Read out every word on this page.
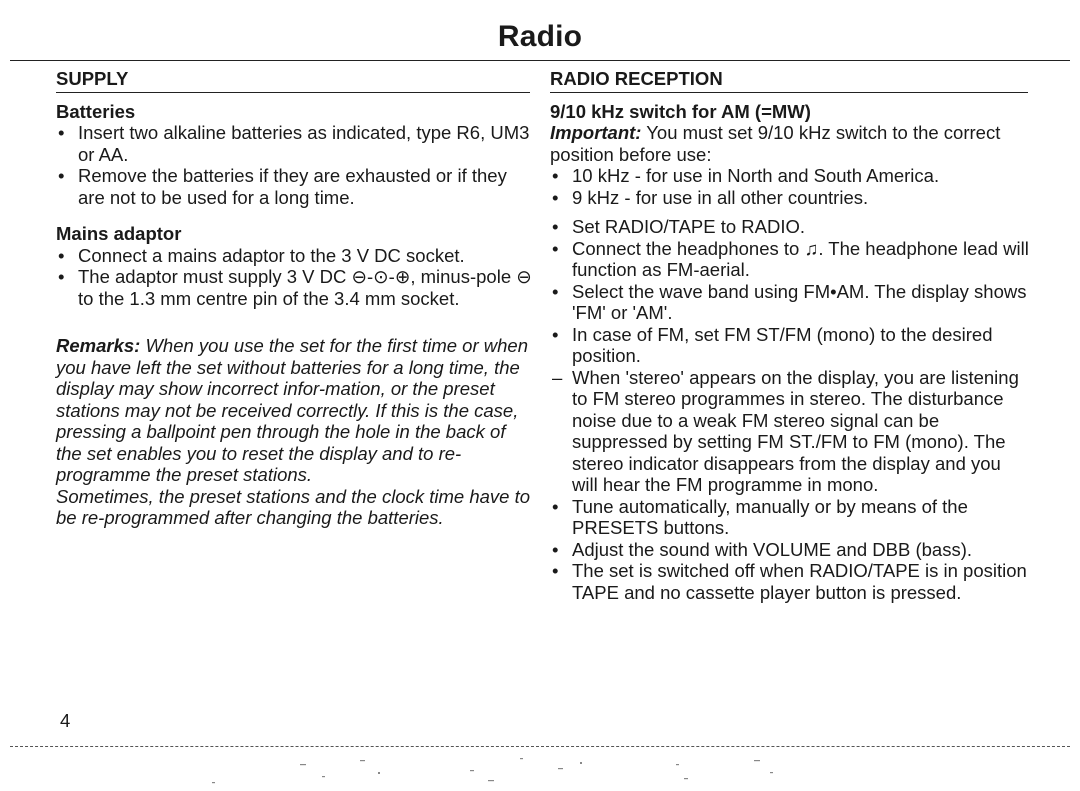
Radio
SUPPLY
Batteries
• Insert two alkaline batteries as indicated, type R6, UM3 or AA.
• Remove the batteries if they are exhausted or if they are not to be used for a long time.
Mains adaptor
• Connect a mains adaptor to the 3 V DC socket.
• The adaptor must supply 3 V DC ⊖-⊙-⊕, minus-pole ⊖ to the 1.3 mm centre pin of the 3.4 mm socket.

Remarks: When you use the set for the first time or when you have left the set without batteries for a long time, the display may show incorrect infor-mation, or the preset stations may not be received correctly. If this is the case, pressing a ballpoint pen through the hole in the back of the set enables you to reset the display and to re-programme the preset stations.

Sometimes, the preset stations and the clock time have to be re-programmed after changing the batteries.

RADIO RECEPTION
9/10 kHz switch for AM (=MW)

Important: You must set 9/10 kHz switch to the correct position before use:

• 10 kHz - for use in North and South America.
• 9 kHz - for use in all other countries.
• Set RADIO/TAPE to RADIO.
• Connect the headphones to ♫. The headphone lead will function as FM-aerial.
• Select the wave band using FM•AM. The display shows 'FM' or 'AM'.
• In case of FM, set FM ST/FM (mono) to the desired position.
– When 'stereo' appears on the display, you are listening to FM stereo programmes in stereo. The disturbance noise due to a weak FM stereo signal can be suppressed by setting FM ST./FM to FM (mono). The stereo indicator disappears from the display and you will hear the FM programme in mono.
• Tune automatically, manually or by means of the PRESETS buttons.
• Adjust the sound with VOLUME and DBB (bass).
• The set is switched off when RADIO/TAPE is in position TAPE and no cassette player button is pressed.
4
